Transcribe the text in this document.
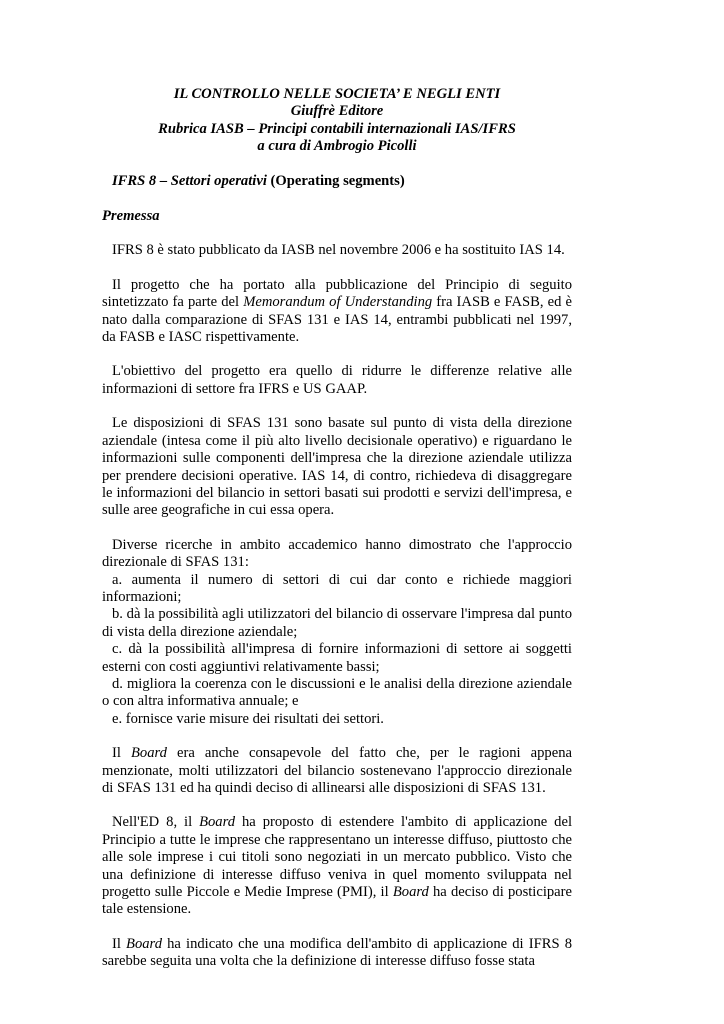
IL CONTROLLO NELLE SOCIETA’ E NEGLI ENTI
Giuffrè Editore
Rubrica IASB – Principi contabili internazionali IAS/IFRS
a cura di Ambrogio Picolli
IFRS 8 – Settori operativi (Operating segments)
Premessa

IFRS 8 è stato pubblicato da IASB nel novembre 2006 e ha sostituito IAS 14.

Il progetto che ha portato alla pubblicazione del Principio di seguito sintetizzato fa parte del Memorandum of Understanding fra IASB e FASB, ed è nato dalla comparazione di SFAS 131 e IAS 14, entrambi pubblicati nel 1997, da FASB e IASC rispettivamente.

L'obiettivo del progetto era quello di ridurre le differenze relative alle informazioni di settore fra IFRS e US GAAP.

Le disposizioni di SFAS 131 sono basate sul punto di vista della direzione aziendale (intesa come il più alto livello decisionale operativo) e riguardano le informazioni sulle componenti dell'impresa che la direzione aziendale utilizza per prendere decisioni operative. IAS 14, di contro, richiedeva di disaggregare le informazioni del bilancio in settori basati sui prodotti e servizi dell'impresa, e sulle aree geografiche in cui essa opera.

Diverse ricerche in ambito accademico hanno dimostrato che l'approccio direzionale di SFAS 131:

a. aumenta il numero di settori di cui dar conto e richiede maggiori informazioni;
b. dà la possibilità agli utilizzatori del bilancio di osservare l'impresa dal punto di vista della direzione aziendale;
c. dà la possibilità all'impresa di fornire informazioni di settore ai soggetti esterni con costi aggiuntivi relativamente bassi;
d. migliora la coerenza con le discussioni e le analisi della direzione aziendale o con altra informativa annuale; e
e. fornisce varie misure dei risultati dei settori.

Il Board era anche consapevole del fatto che, per le ragioni appena menzionate, molti utilizzatori del bilancio sostenevano l'approccio direzionale di SFAS 131 ed ha quindi deciso di allinearsi alle disposizioni di SFAS 131.

Nell'ED 8, il Board ha proposto di estendere l'ambito di applicazione del Principio a tutte le imprese che rappresentano un interesse diffuso, piuttosto che alle sole imprese i cui titoli sono negoziati in un mercato pubblico. Visto che una definizione di interesse diffuso veniva in quel momento sviluppata nel progetto sulle Piccole e Medie Imprese (PMI), il Board ha deciso di posticipare tale estensione.

Il Board ha indicato che una modifica dell'ambito di applicazione di IFRS 8 sarebbe seguita una volta che la definizione di interesse diffuso fosse stata
